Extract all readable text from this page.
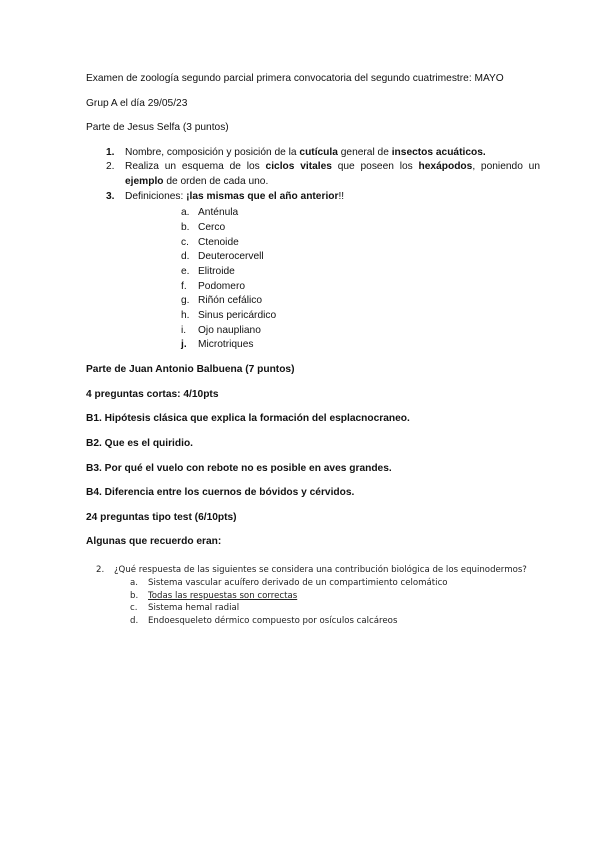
Examen de zoología segundo parcial primera convocatoria del segundo cuatrimestre: MAYO

Grup A el día 29/05/23

Parte de Jesus Selfa (3 puntos)

1. Nombre, composición y posición de la cutícula general de insectos acuáticos.
2. Realiza un esquema de los ciclos vitales que poseen los hexápodos, poniendo un ejemplo de orden de cada uno.
3. Definiciones: ¡las mismas que el año anterior!!
a. Anténula
b. Cerco
c. Ctenoide
d. Deuterocervell
e. Elitroide
f. Podomero
g. Riñón cefálico
h. Sinus pericárdico
i. Ojo naupliano
j. Microtriques

Parte de Juan Antonio Balbuena (7 puntos)

4 preguntas cortas: 4/10pts

B1. Hipótesis clásica que explica la formación del esplacnocraneo.

B2. Que es el quiridio.

B3. Por qué el vuelo con rebote no es posible en aves grandes.

B4. Diferencia entre los cuernos de bóvidos y cérvidos.

24 preguntas tipo test (6/10pts)

Algunas que recuerdo eran:

2. ¿Qué respuesta de las siguientes se considera una contribución biológica de los equinodermos?
a. Sistema vascular acuífero derivado de un compartimiento celomático
b. Todas las respuestas son correctas
c. Sistema hemal radial
d. Endoesqueleto dérmico compuesto por osículos calcáreos
